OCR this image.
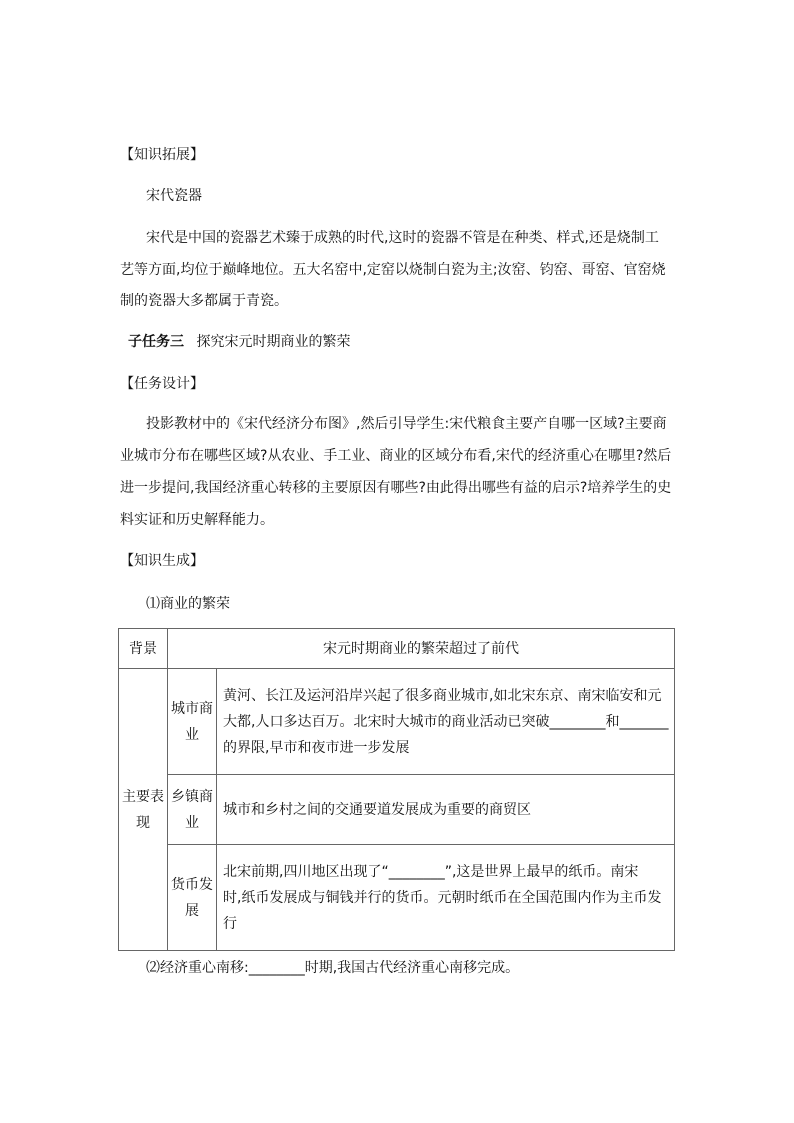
【知识拓展】
宋代瓷器
宋代是中国的瓷器艺术臻于成熟的时代,这时的瓷器不管是在种类、样式,还是烧制工
艺等方面,均位于巅峰地位。五大名窑中,定窑以烧制白瓷为主;汝窑、钧窑、哥窑、官窑烧
制的瓷器大多都属于青瓷。
子任务三 探究宋元时期商业的繁荣
【任务设计】
投影教材中的《宋代经济分布图》,然后引导学生:宋代粮食主要产自哪一区域?主要商
业城市分布在哪些区域?从农业、手工业、商业的区域分布看,宋代的经济重心在哪里?然后
进一步提问,我国经济重心转移的主要原因有哪些?由此得出哪些有益的启示?培养学生的史
料实证和历史解释能力。
【知识生成】
⑴商业的繁荣
背景	宋元时期商业的繁荣超过了前代	
主要表现	城市商业	黄河、长江及运河沿岸兴起了很多商业城市,如北宋东京、南宋临安和元
大都,人口多达百万。北宋时大城市的商业活动已突破________和_______
的界限,早市和夜市进一步发展

	乡镇商业	城市和乡村之间的交通要道发展成为重要的商贸区

	货币发展	北宋前期,四川地区出现了“________”,这是世界上最早的纸币。南宋
时,纸币发展成与铜钱并行的货币。元朝时纸币在全国范围内作为主币发
行
⑵经济重心南移:________时期,我国古代经济重心南移完成。
